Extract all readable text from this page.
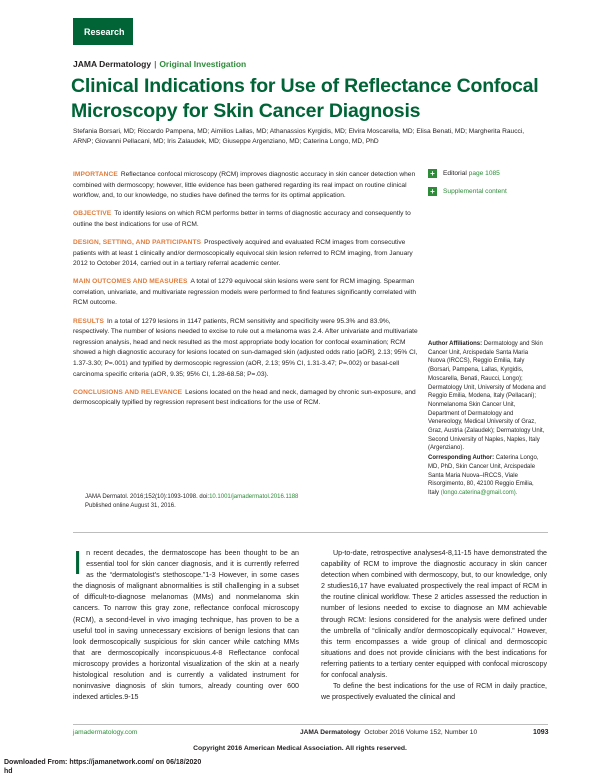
Research
JAMA Dermatology | Original Investigation
Clinical Indications for Use of Reflectance Confocal Microscopy for Skin Cancer Diagnosis
Stefania Borsari, MD; Riccardo Pampena, MD; Aimilios Lallas, MD; Athanassios Kyrgidis, MD; Elvira Moscarella, MD; Elisa Benati, MD; Margherita Raucci, ARNP; Giovanni Pellacani, MD; Iris Zalaudek, MD; Giuseppe Argenziano, MD; Caterina Longo, MD, PhD
+	Editorial
page 1085
+	Supplemental content
IMPORTANCE Reflectance confocal microscopy (RCM) improves diagnostic accuracy in skin cancer detection when combined with dermoscopy; however, little evidence has been gathered regarding its real impact on routine clinical workflow, and, to our knowledge, no studies have defined the terms for its optimal application.
OBJECTIVE To identify lesions on which RCM performs better in terms of diagnostic accuracy and consequently to outline the best indications for use of RCM.
DESIGN, SETTING, AND PARTICIPANTS Prospectively acquired and evaluated RCM images from consecutive patients with at least 1 clinically and/or dermoscopically equivocal skin lesion referred to RCM imaging, from January 2012 to October 2014, carried out in a tertiary referral academic center.
MAIN OUTCOMES AND MEASURES A total of 1279 equivocal skin lesions were sent for RCM imaging. Spearman correlation, univariate, and multivariate regression models were performed to find features significantly correlated with RCM outcome.
RESULTS In a total of 1279 lesions in 1147 patients, RCM sensitivity and specificity were 95.3% and 83.9%, respectively. The number of lesions needed to excise to rule out a melanoma was 2.4. After univariate and multivariate regression analysis, head and neck resulted as the most appropriate body location for confocal examination; RCM showed a high diagnostic accuracy for lesions located on sun-damaged skin (adjusted odds ratio [aOR], 2.13; 95% CI, 1.37-3.30; P=.001) and typified by dermoscopic regression (aOR, 2.13; 95% CI, 1.31-3.47; P=.002) or basal-cell carcinoma specific criteria (aOR, 9.35; 95% CI, 1.28-68.58; P=.03).
CONCLUSIONS AND RELEVANCE Lesions located on the head and neck, damaged by chronic sun-exposure, and dermoscopically typified by regression represent best indications for the use of RCM.
JAMA Dermatol. 2016;152(10):1093-1098. doi:10.1001/jamadermatol.2016.1188
Published online August 31, 2016.

Author Affiliations: Dermatology and Skin Cancer Unit, Arcispedale Santa Maria Nuova (IRCCS), Reggio Emilia, Italy (Borsari, Pampena, Lallas, Kyrgidis, Moscarella, Benati, Raucci, Longo); Dermatology Unit, University of Modena and Reggio Emilia, Modena, Italy (Pellacani); Nonmelanoma Skin Cancer Unit, Department of Dermatology and Venereology, Medical University of Graz, Graz, Austria (Zalaudek); Dermatology Unit, Second University of Naples, Naples, Italy (Argenziano).

Corresponding Author: Caterina Longo, MD, PhD, Skin Cancer Unit, Arcispedale Santa Maria Nuova–IRCCS, Viale Risorgimento, 80, 42100 Reggio Emilia, Italy (longo.caterina@gmail.com).

In recent decades, the dermatoscope has been thought to be an essential tool for skin cancer diagnosis, and it is currently referred as the “dermatologist’s stethoscope.”1-3 However, in some cases the diagnosis of malignant abnormalities is still challenging in a subset of difficult-to-diagnose melanomas (MMs) and nonmelanoma skin cancers. To narrow this gray zone, reflectance confocal microscopy (RCM), a second-level in vivo imaging technique, has proven to be a useful tool in saving unnecessary excisions of benign lesions that can look dermoscopically suspicious for skin cancer while catching MMs that are dermoscopically inconspicuous.4-8 Reflectance confocal microscopy provides a horizontal visualization of the skin at a nearly histological resolution and is currently a validated instrument for noninvasive diagnosis of skin tumors, already counting over 600 indexed articles.9-15

Up-to-date, retrospective analyses4-8,11-15 have demonstrated the capability of RCM to improve the diagnostic accuracy in skin cancer detection when combined with dermoscopy, but, to our knowledge, only 2 studies16,17 have evaluated prospectively the real impact of RCM in the routine clinical workflow. These 2 articles assessed the reduction in number of lesions needed to excise to diagnose an MM achievable through RCM: lesions considered for the analysis were defined under the umbrella of “clinically and/or dermoscopically equivocal.” However, this term encompasses a wide group of clinical and dermoscopic situations and does not provide clinicians with the best indications for referring patients to a tertiary center equipped with confocal microscopy for confocal analysis.

To define the best indications for the use of RCM in daily practice, we prospectively evaluated the clinical and

jamadermatology.com	JAMA Dermatology October 2016 Volume 152, Number 10	1093
Copyright 2016 American Medical Association. All rights reserved.
Downloaded From: https://jamanetwork.com/ on 06/18/2020
hd
